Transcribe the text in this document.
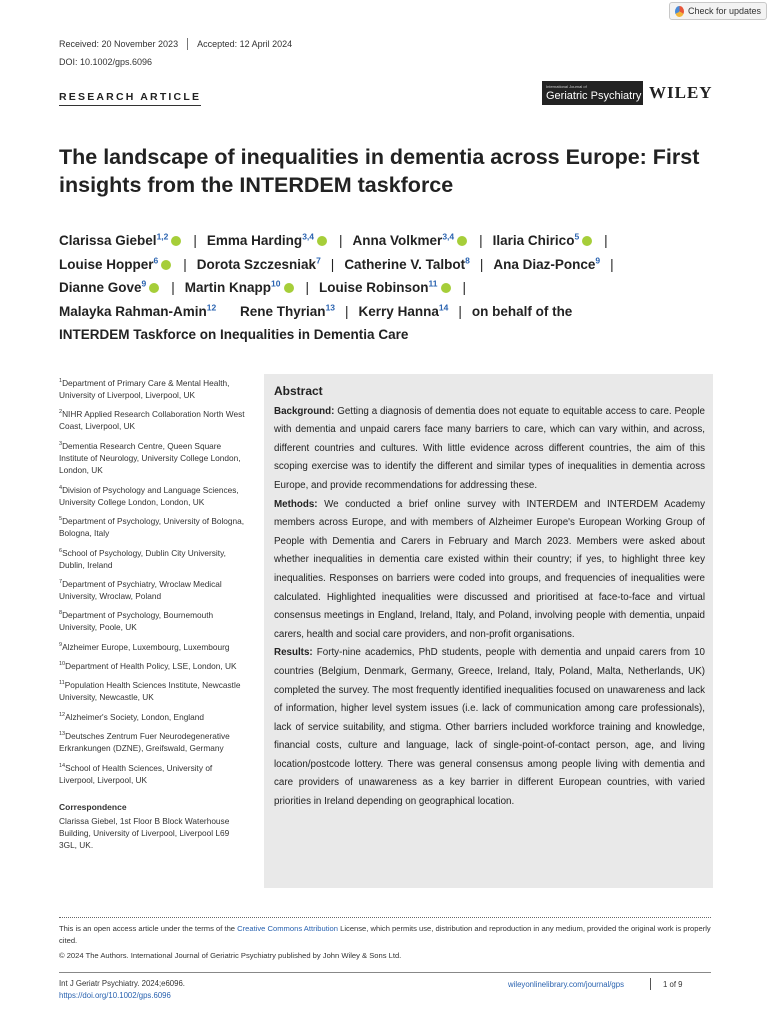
Check for updates
Received: 20 November 2023 Accepted: 12 April 2024
DOI: 10.1002/gps.6096
RESEARCH ARTICLE
International Journal of
Geriatric Psychiatry WILEY
The landscape of inequalities in dementia across Europe: First insights from the INTERDEM taskforce
Clarissa Giebel$^{1,2}$ | Emma Harding$^{3,4}$ | Anna Volkmer$^{3,4}$ | Ilaria Chirico$^5$ |
Louise Hopper$^6$ | Dorota Szczesniak$^7$ | Catherine V. Talbot$^8$ | Ana Diaz-Ponce$^9$ |
Dianne Gove$^9$ | Martin Knapp$^{10}$ | Louise Robinson$^{11}$ |
Malayka Rahman-Amin$^{12}$ Rene Thyrian$^{13}$ | Kerry Hanna$^{14}$ | on behalf of the
INTERDEM Taskforce on Inequalities in Dementia Care
$^1$Department of Primary Care & Mental Health, University of Liverpool, Liverpool, UK
$^2$NIHR Applied Research Collaboration North West Coast, Liverpool, UK
$^3$Dementia Research Centre, Queen Square Institute of Neurology, University College London, London, UK
$^4$Division of Psychology and Language Sciences, University College London, London, UK
$^5$Department of Psychology, University of Bologna, Bologna, Italy
$^6$School of Psychology, Dublin City University, Dublin, Ireland
$^7$Department of Psychiatry, Wroclaw Medical University, Wroclaw, Poland
$^8$Department of Psychology, Bournemouth University, Poole, UK
$^9$Alzheimer Europe, Luxembourg, Luxembourg
$^{10}$Department of Health Policy, LSE, London, UK
$^{11}$Population Health Sciences Institute, Newcastle University, Newcastle, UK
$^{12}$Alzheimer's Society, London, England
$^{13}$Deutsches Zentrum Fuer Neurodegenerative Erkrankungen (DZNE), Greifswald, Germany
$^{14}$School of Health Sciences, University of Liverpool, Liverpool, UK
Correspondence
Clarissa Giebel, 1st Floor B Block Waterhouse Building, University of Liverpool, Liverpool L69 3GL, UK.
Abstract

Background: Getting a diagnosis of dementia does not equate to equitable access to care. People with dementia and unpaid carers face many barriers to care, which can vary within, and across, different countries and cultures. With little evidence across different countries, the aim of this scoping exercise was to identify the different and similar types of inequalities in dementia across Europe, and provide recommendations for addressing these.

Methods: We conducted a brief online survey with INTERDEM and INTERDEM Academy members across Europe, and with members of Alzheimer Europe's European Working Group of People with Dementia and Carers in February and March 2023. Members were asked about whether inequalities in dementia care existed within their country; if yes, to highlight three key inequalities. Responses on barriers were coded into groups, and frequencies of inequalities were calculated. Highlighted inequalities were discussed and prioritised at face-to-face and virtual consensus meetings in England, Ireland, Italy, and Poland, involving people with dementia, unpaid carers, health and social care providers, and non-profit organisations.

Results: Forty-nine academics, PhD students, people with dementia and unpaid carers from 10 countries (Belgium, Denmark, Germany, Greece, Ireland, Italy, Poland, Malta, Netherlands, UK) completed the survey. The most frequently identified inequalities focused on unawareness and lack of information, higher level system issues (i.e. lack of communication among care professionals), lack of service suitability, and stigma. Other barriers included workforce training and knowledge, financial costs, culture and language, lack of single-point-of-contact person, age, and living location/postcode lottery. There was general consensus among people living with dementia and care providers of unawareness as a key barrier in different European countries, with varied priorities in Ireland depending on geographical location.

This is an open access article under the terms of the Creative Commons Attribution License, which permits use, distribution and reproduction in any medium, provided the original work is properly cited.
© 2024 The Authors. International Journal of Geriatric Psychiatry published by John Wiley & Sons Ltd.
Int J Geriatr Psychiatry. 2024;e6096.
https://doi.org/10.1002/gps.6096
wileyonlinelibrary.com/journal/gps	1 of 9
